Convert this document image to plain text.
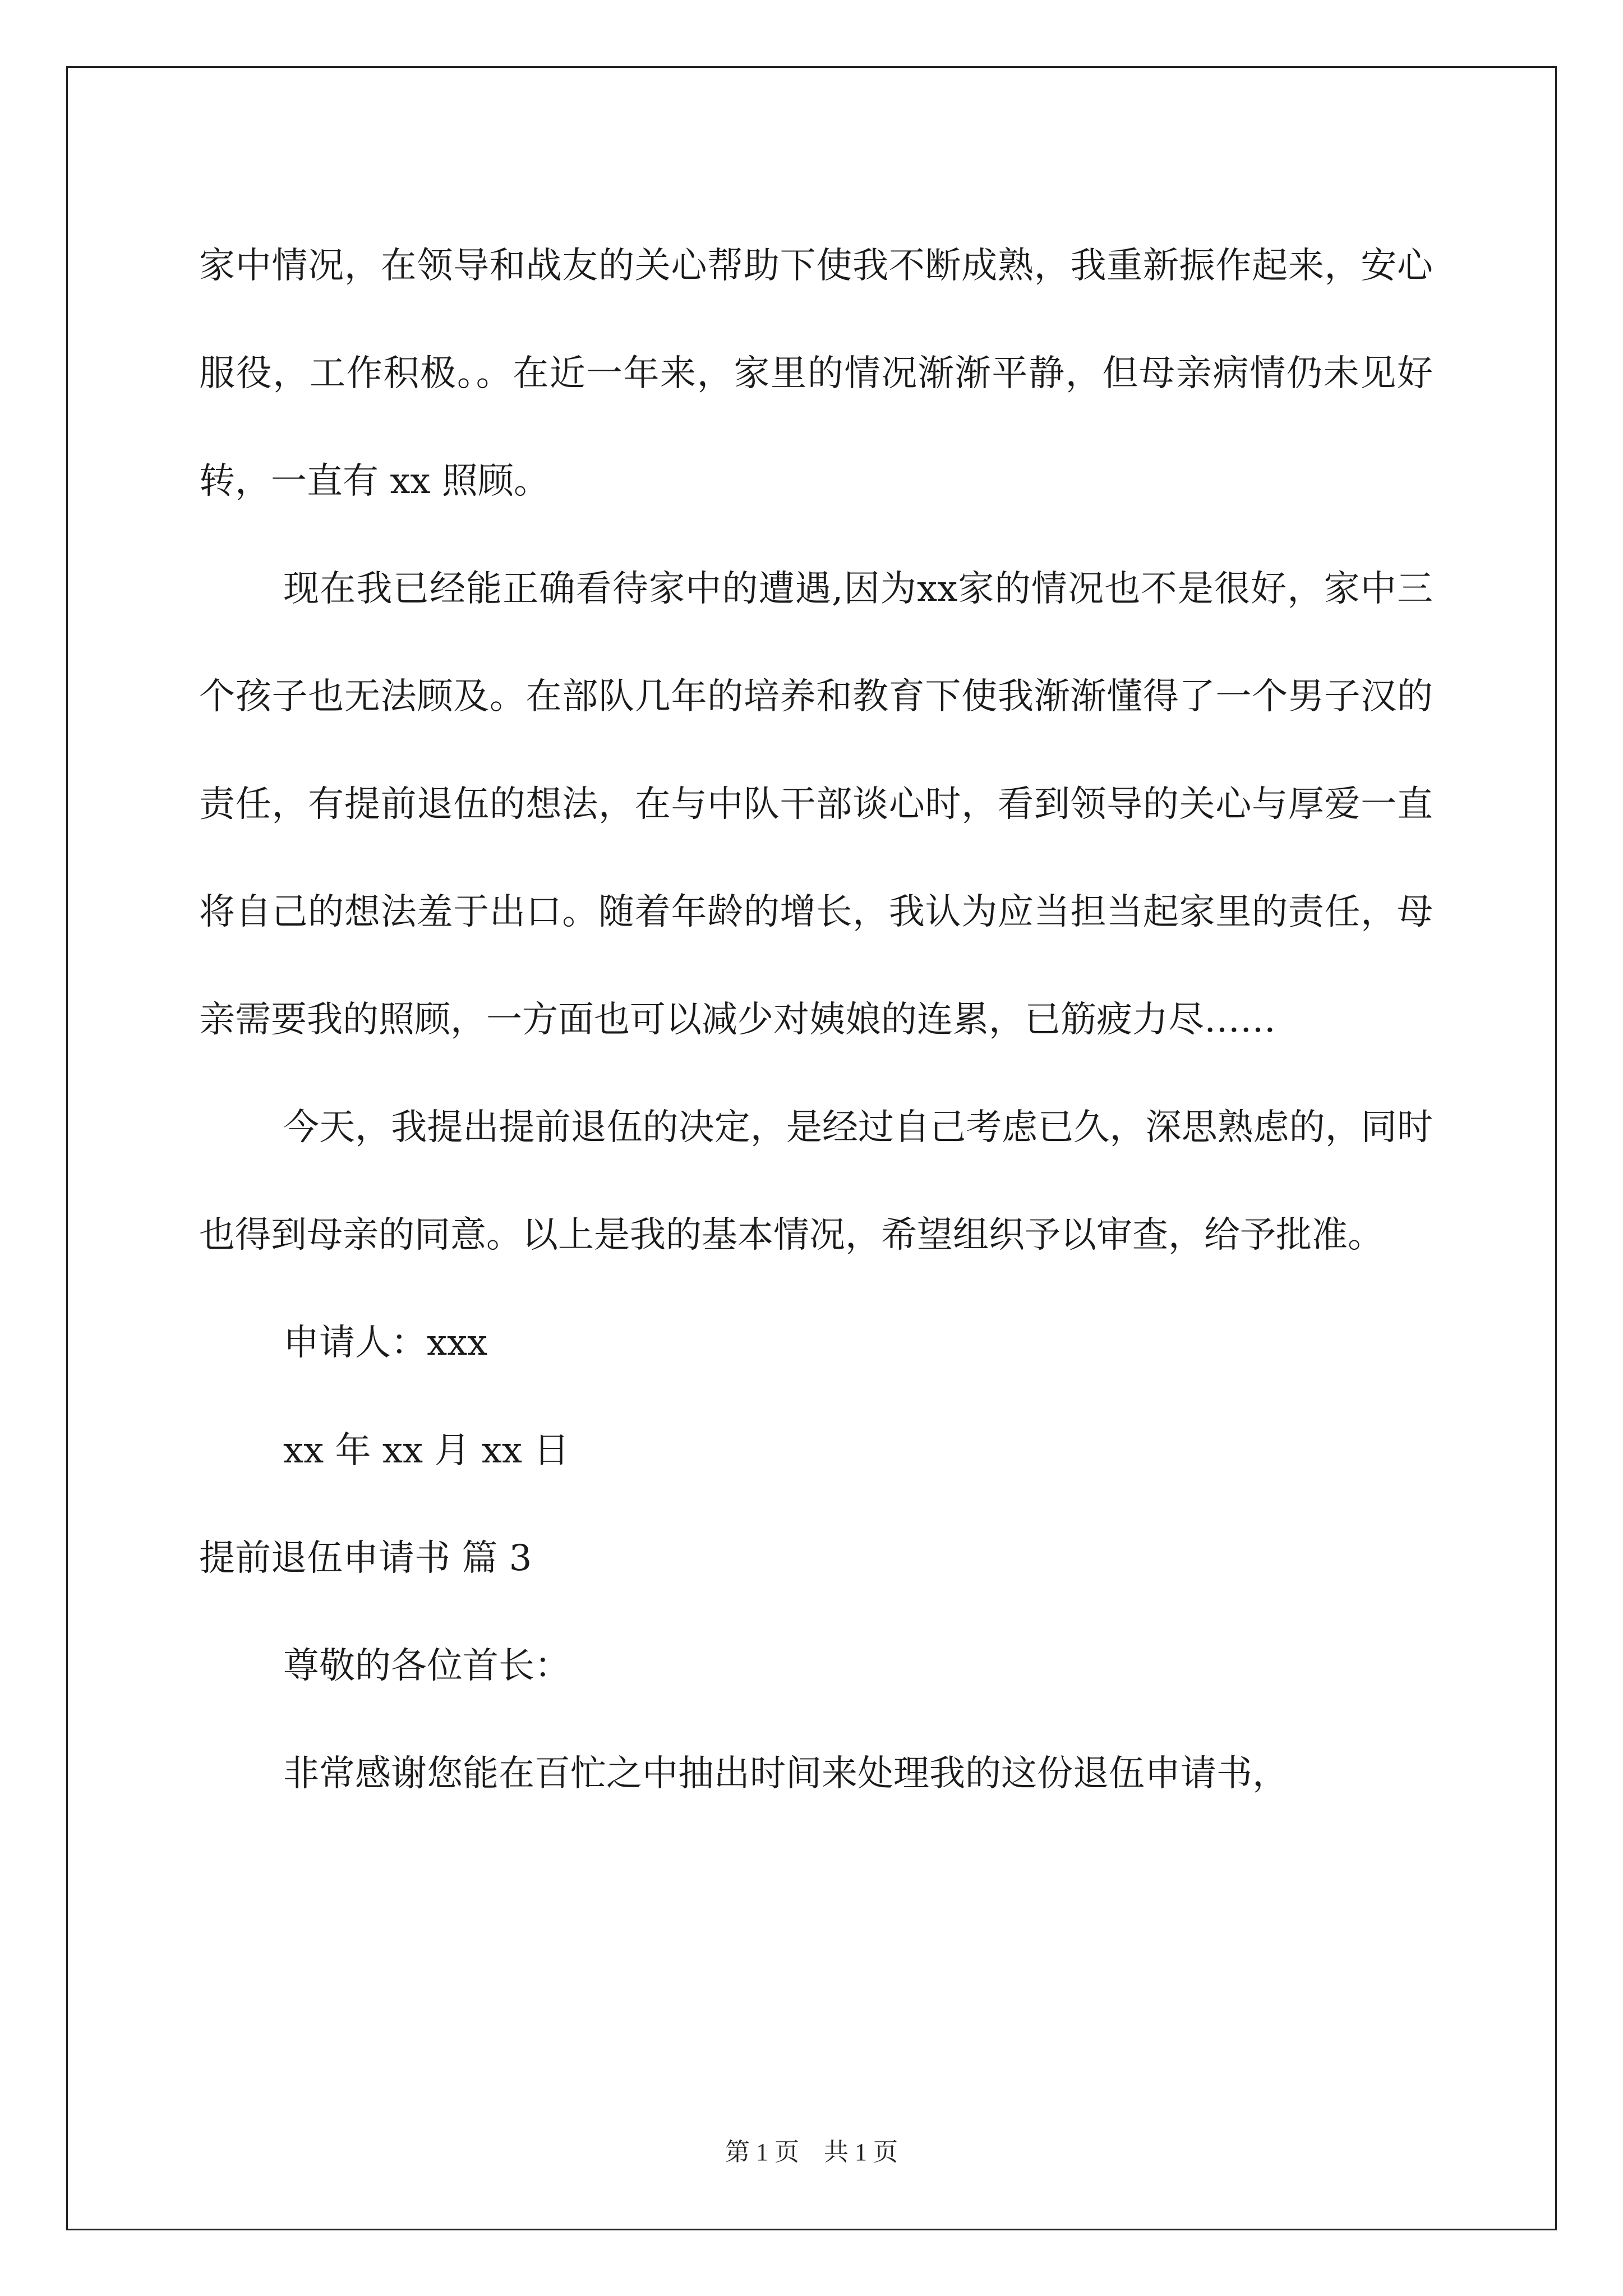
家中情况，在领导和战友的关心帮助下使我不断成熟，我重新振作起来，安心服役，工作积极。。在近一年来，家里的情况渐渐平静，但母亲病情仍未见好转，一直有 xx 照顾。

现在我已经能正确看待家中的遭遇,因为xx家的情况也不是很好，家中三个孩子也无法顾及。在部队几年的培养和教育下使我渐渐懂得了一个男子汉的责任，有提前退伍的想法，在与中队干部谈心时，看到领导的关心与厚爱一直将自己的想法羞于出口。随着年龄的增长，我认为应当担当起家里的责任，母亲需要我的照顾，一方面也可以减少对姨娘的连累，已筋疲力尽……

今天，我提出提前退伍的决定，是经过自己考虑已久，深思熟虑的，同时也得到母亲的同意。以上是我的基本情况，希望组织予以审查，给予批准。

申请人：xxx
xx 年 xx 月 xx 日
提前退伍申请书 篇 3
尊敬的各位首长：

非常感谢您能在百忙之中抽出时间来处理我的这份退伍申请书，

第 1 页　共 1 页
